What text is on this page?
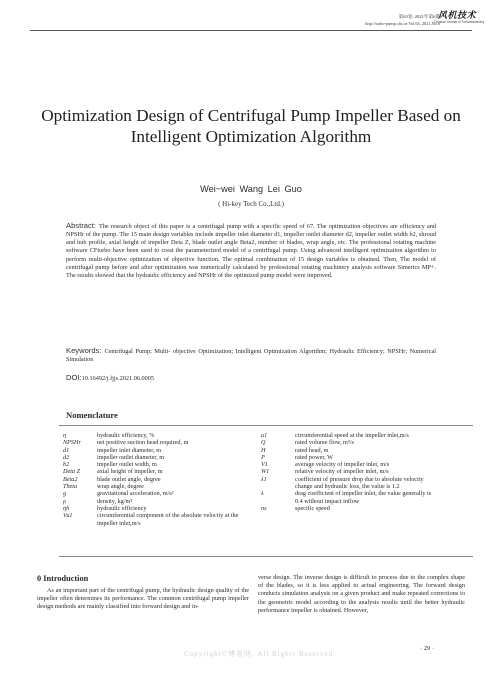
第63卷, 2021年第6期
http://turbo-pump.cfu.cn Vol.63, 2021,No.6
风机技术
Chinese Journal of Turbomachinery
Optimization Design of Centrifugal Pump Impeller Based on Intelligent Optimization Algorithm
Wei−wei Wang Lei Guo
( Hi-key Tech Co.,Ltd.)
Abstract: The research object of this paper is a centrifugal pump with a specific speed of 67. The optimization objectives are efficiency and NPSHr of the pump. The 15 main design variables include impeller inlet diameter d1, impeller outlet diameter d2, impeller outlet width b2, shroud and hub profile, axial height of impeller Deta Z, blade outlet angle Beta2, number of blades, wrap angle, etc. The professional rotating machine software CFturbo have been used to creat the parameterized model of a centrifugal pump. Using advanced intelligent optimization algorithm to perform multi-objective optimization of objective function. The optimal combination of 15 design variables is obtained. Then, The model of centrifugal pump before and after optimization was numerically calculated by professional rotating machinery analysis software Simerics MP+. The results showed that the hydraulic efficiency and NPSHr of the optimized pump model were improved.
Keywords: Centrifugal Pump; Multi- objective Optimization; Intelligent Optimization Algorithm; Hydraulic Efficiency; NPSHr; Numerical Simulation
DOI:10.16492/j.fjjs.2021.06.0005
Nomenclature
η	hydraulic efficiency, %
NPSHr	net positive suction head required, m
d1	impeller inlet diameter, m
d2	impeller outlet diameter, m
b2	impeller outlet width, m
Deta Z	axial height of impeller, m
Beta2	blade outlet angle, degree
Theta	wrap angle, degree
g	gravitational acceleration, m/s²
ρ	density, kg/m³
ηh	hydraulic efficiency
Vu1	circumferential component of the absolute velocity at the impeller inlet,m/s
u1	circumferential speed at the impeller inlet,m/s
Q	rated volume flow, m³/s
H	rated head, m
P	rated power, W
V1	average velocity of impeller inlet, m/s
W1	relative velocity of impeller inlet, m/s
λ1	coefficient of pressure drop due to absolute velocity change and hydraulic loss, the value is 1.2
λ	drag coefficient of impeller inlet, the value generally is 0.4 without impact inflow
ns	specific speed
0 Introduction
As an important part of the centrifugal pump, the hydraulic design quality of the impeller often determines its performance. The common centrifugal pump impeller design methods are mainly classified into forward design and in-
verse design. The inverse design is difficult to process due to the complex shape of the blades, so it is less applied to actual engineering. The forward design conducts simulation analysis on a given product and make repeated corrections to the geometric model according to the analysis results until the better hydraulic performance impeller is obtained. However,
· 29 ·
Copyright©博看网. All Rights Reserved.
